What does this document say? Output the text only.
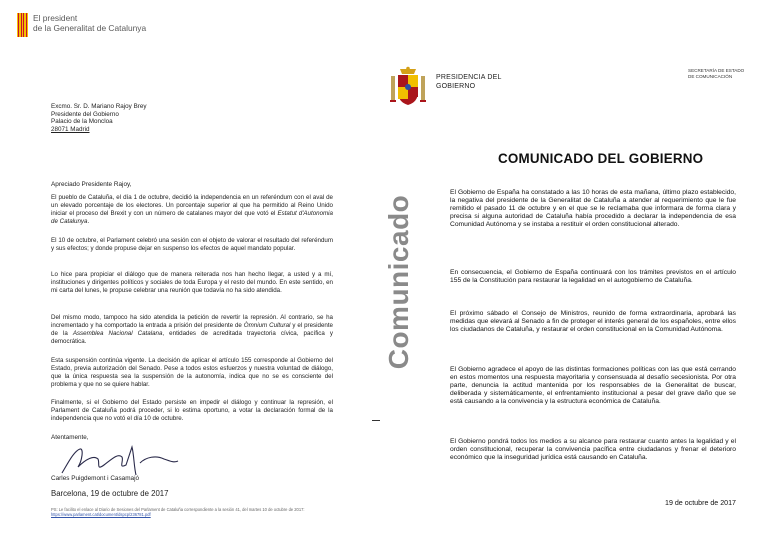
El president
de la Generalitat de Catalunya
Excmo. Sr. D. Mariano Rajoy Brey
Presidente del Gobierno
Palacio de la Moncloa
28071 Madrid
Apreciado Presidente Rajoy,

El pueblo de Cataluña, el día 1 de octubre, decidió la independencia en un referéndum con el aval de un elevado porcentaje de los electores. Un porcentaje superior al que ha permitido al Reino Unido iniciar el proceso del Brexit y con un número de catalanes mayor del que votó el Estatut d'Autonomia de Catalunya.

El 10 de octubre, el Parlament celebró una sesión con el objeto de valorar el resultado del referéndum y sus efectos; y donde propuse dejar en suspenso los efectos de aquel mandato popular.

Lo hice para propiciar el diálogo que de manera reiterada nos han hecho llegar, a usted y a mí, instituciones y dirigentes políticos y sociales de toda Europa y el resto del mundo. En este sentido, en mi carta del lunes, le propuse celebrar una reunión que todavía no ha sido atendida.

Del mismo modo, tampoco ha sido atendida la petición de revertir la represión. Al contrario, se ha incrementado y ha comportado la entrada a prisión del presidente de Òmnium Cultural y el presidente de la Assemblea Nacional Catalana, entidades de acreditada trayectoria cívica, pacífica y democrática.

Esta suspensión continúa vigente. La decisión de aplicar el artículo 155 corresponde al Gobierno del Estado, previa autorización del Senado. Pese a todos estos esfuerzos y nuestra voluntad de diálogo, que la única respuesta sea la suspensión de la autonomía, indica que no se es consciente del problema y que no se quiere hablar.

Finalmente, si el Gobierno del Estado persiste en impedir el diálogo y continuar la represión, el Parlament de Cataluña podrá proceder, si lo estima oportuno, a votar la declaración formal de la independencia que no votó el día 10 de octubre.

Atentamente,
Carles Puigdemont i Casamajó
Barcelona, 19 de octubre de 2017
PS: Le facilito el enlace al Diario de Sesiones del Parlament de Cataluña correspondiente a la sesión 41, del martes 10 de octubre de 2017: https://www.parlament.cat/document/dspcp/236781.pdf
PRESIDENCIA DEL
GOBIERNO
SECRETARÍA DE ESTADO
DE COMUNICACIÓN
Comunicado
COMUNICADO DEL GOBIERNO

El Gobierno de España ha constatado a las 10 horas de esta mañana, último plazo establecido, la negativa del presidente de la Generalitat de Cataluña a atender al requerimiento que le fue remitido el pasado 11 de octubre y en el que se le reclamaba que informara de forma clara y precisa si alguna autoridad de Cataluña había procedido a declarar la independencia de esa Comunidad Autónoma y se instaba a restituir el orden constitucional alterado.

En consecuencia, el Gobierno de España continuará con los trámites previstos en el artículo 155 de la Constitución para restaurar la legalidad en el autogobierno de Cataluña.

El próximo sábado el Consejo de Ministros, reunido de forma extraordinaria, aprobará las medidas que elevará al Senado a fin de proteger el interés general de los españoles, entre ellos los ciudadanos de Cataluña, y restaurar el orden constitucional en la Comunidad Autónoma.

El Gobierno agradece el apoyo de las distintas formaciones políticas con las que está cerrando en estos momentos una respuesta mayoritaria y consensuada al desafío secesionista. Por otra parte, denuncia la actitud mantenida por los responsables de la Generalitat de buscar, deliberada y sistemáticamente, el enfrentamiento institucional a pesar del grave daño que se está causando a la convivencia y la estructura económica de Cataluña.

El Gobierno pondrá todos los medios a su alcance para restaurar cuanto antes la legalidad y el orden constitucional, recuperar la convivencia pacífica entre ciudadanos y frenar el deterioro económico que la inseguridad jurídica está causando en Cataluña.

19 de octubre de 2017
